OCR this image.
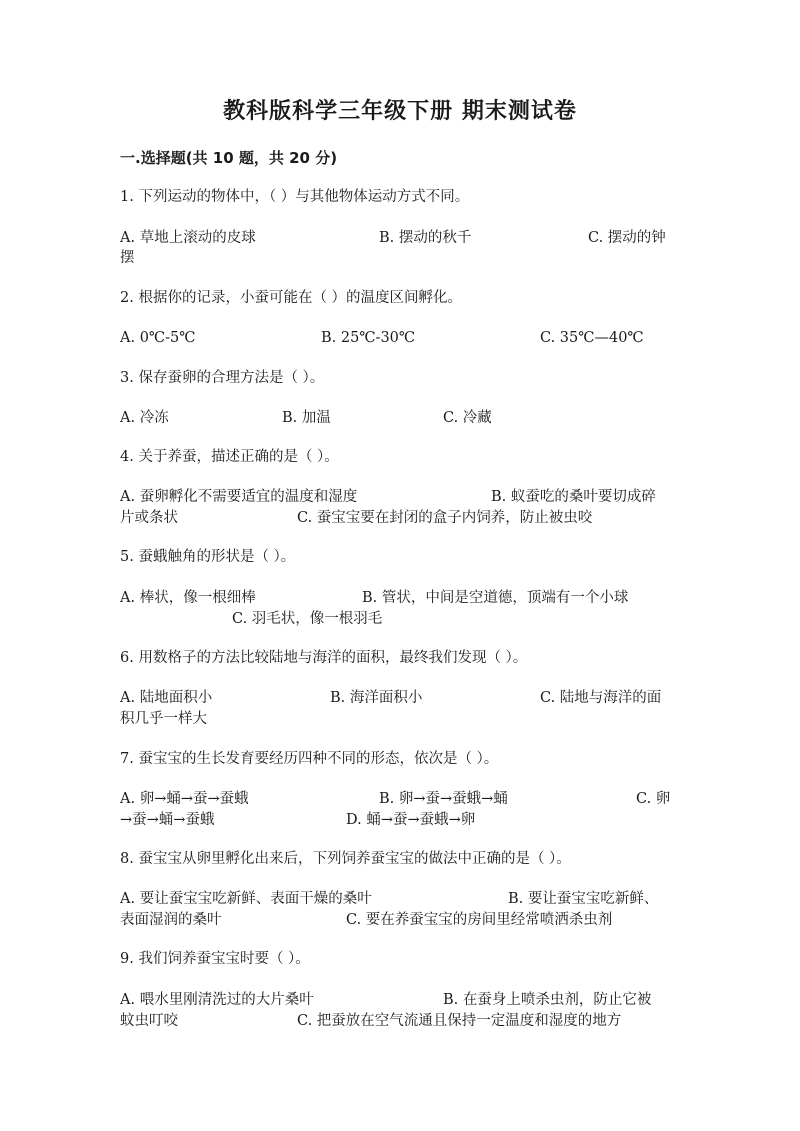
教科版科学三年级下册 期末测试卷
一.选择题(共 10 题，共 20 分)
1. 下列运动的物体中，（ ）与其他物体运动方式不同。
A. 草地上滚动的皮球	B. 摆动的秋千	C. 摆动的钟
摆
2. 根据你的记录，小蚕可能在（ ）的温度区间孵化。
A. 0℃-5℃	B. 25℃-30℃	C. 35℃—40℃
3. 保存蚕卵的合理方法是（ ）。
A. 冷冻	B. 加温	C. 冷藏
4. 关于养蚕，描述正确的是（ ）。
A. 蚕卵孵化不需要适宜的温度和湿度	B. 蚁蚕吃的桑叶要切成碎
片或条状	C. 蚕宝宝要在封闭的盒子内饲养，防止被虫咬
5. 蚕蛾触角的形状是（ ）。
A. 棒状，像一根细棒	B. 管状，中间是空道德，顶端有一个小球
C. 羽毛状，像一根羽毛
6. 用数格子的方法比较陆地与海洋的面积，最终我们发现（ ）。
A. 陆地面积小	B. 海洋面积小	C. 陆地与海洋的面
积几乎一样大
7. 蚕宝宝的生长发育要经历四种不同的形态，依次是（ ）。
A. 卵→蛹→蚕→蚕蛾	B. 卵→蚕→蚕蛾→蛹	C. 卵
→蚕→蛹→蚕蛾	D. 蛹→蚕→蚕蛾→卵
8. 蚕宝宝从卵里孵化出来后，下列饲养蚕宝宝的做法中正确的是（ ）。
A. 要让蚕宝宝吃新鲜、表面干燥的桑叶	B. 要让蚕宝宝吃新鲜、
表面湿润的桑叶	C. 要在养蚕宝宝的房间里经常喷洒杀虫剂
9. 我们饲养蚕宝宝时要（ ）。
A. 喂水里刚清洗过的大片桑叶	B. 在蚕身上喷杀虫剂，防止它被
蚊虫叮咬	C. 把蚕放在空气流通且保持一定温度和湿度的地方
